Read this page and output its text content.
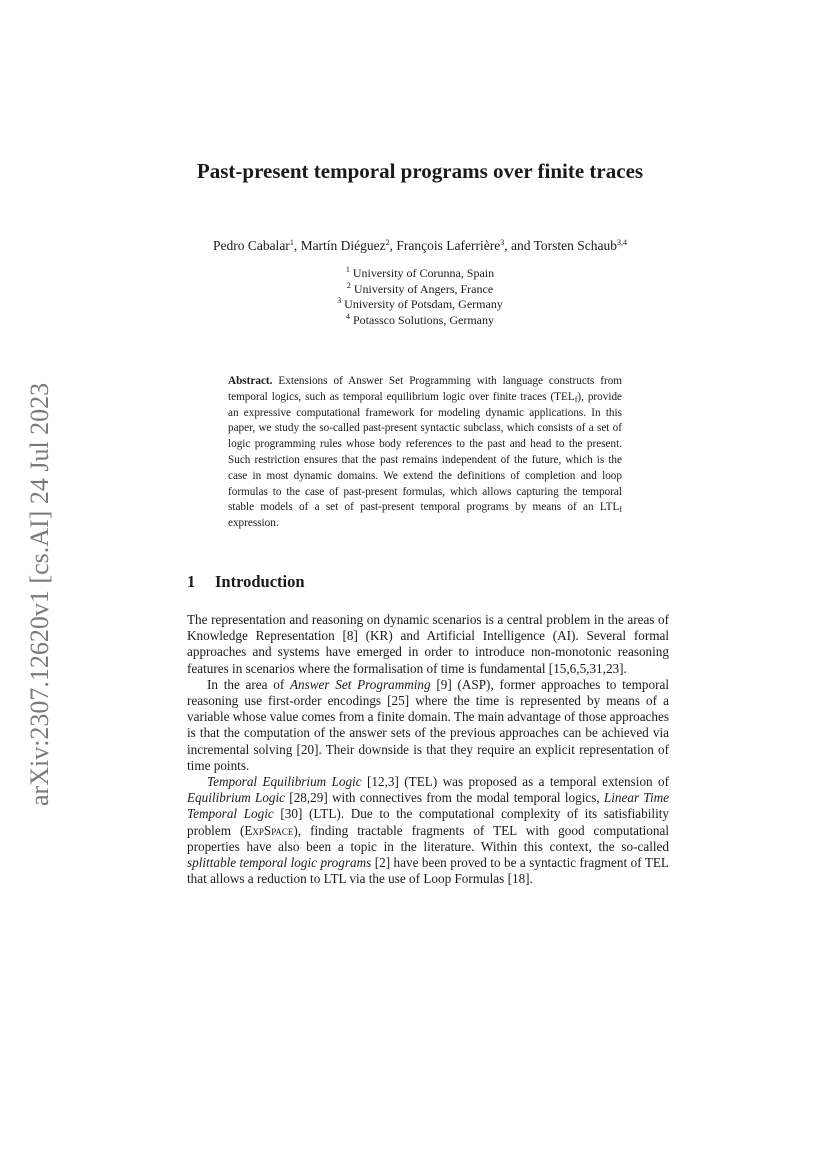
arXiv:2307.12620v1 [cs.AI] 24 Jul 2023
Past-present temporal programs over finite traces
Pedro Cabalar$^1$, Martín Diéguez$^2$, François Laferrière$^3$, and Torsten Schaub$^{3,4}$
$^1$ University of Corunna, Spain
$^2$ University of Angers, France
$^3$ University of Potsdam, Germany
$^4$ Potassco Solutions, Germany
Abstract. Extensions of Answer Set Programming with language constructs from temporal logics, such as temporal equilibrium logic over finite traces $(TEL_f)$, provide an expressive computational framework for modeling dynamic applications. In this paper, we study the so-called past-present syntactic subclass, which consists of a set of logic programming rules whose body references to the past and head to the present. Such restriction ensures that the past remains independent of the future, which is the case in most dynamic domains. We extend the definitions of completion and loop formulas to the case of past-present formulas, which allows capturing the temporal stable models of a set of past-present temporal programs by means of an $LTL_f$ expression.
1 Introduction

The representation and reasoning on dynamic scenarios is a central problem in the areas of Knowledge Representation [8] (KR) and Artificial Intelligence (AI). Several formal approaches and systems have emerged in order to introduce non-monotonic reasoning features in scenarios where the formalisation of time is fundamental [15,6,5,31,23].

In the area of Answer Set Programming [9] (ASP), former approaches to temporal reasoning use first-order encodings [25] where the time is represented by means of a variable whose value comes from a finite domain. The main advantage of those approaches is that the computation of the answer sets of the previous approaches can be achieved via incremental solving [20]. Their downside is that they require an explicit representation of time points.

Temporal Equilibrium Logic [12,3] (TEL) was proposed as a temporal extension of Equilibrium Logic [28,29] with connectives from the modal temporal logics, Linear Time Temporal Logic [30] (LTL). Due to the computational complexity of its satisfiability problem (ExpSpace), finding tractable fragments of TEL with good computational properties have also been a topic in the literature. Within this context, the so-called splittable temporal logic programs [2] have been proved to be a syntactic fragment of TEL that allows a reduction to LTL via the use of Loop Formulas [18].
